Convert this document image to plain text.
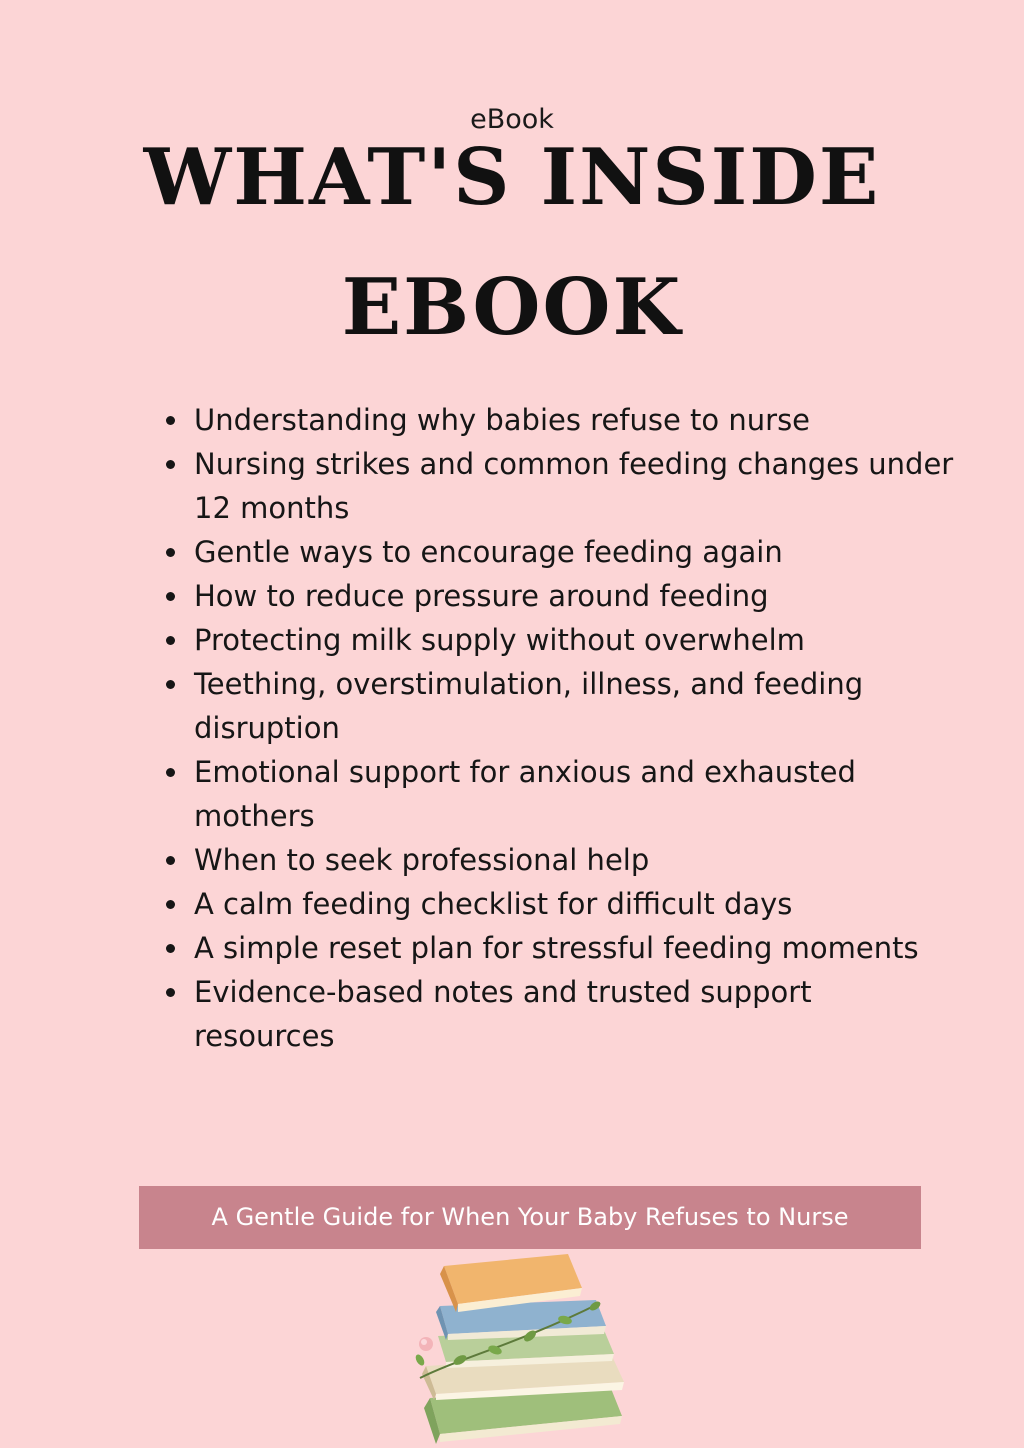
eBook
WHAT'S INSIDE
EBOOK
Understanding why babies refuse to nurse
Nursing strikes and common feeding changes under 12 months
Gentle ways to encourage feeding again
How to reduce pressure around feeding
Protecting milk supply without overwhelm
Teething, overstimulation, illness, and feeding disruption
Emotional support for anxious and exhausted mothers
When to seek professional help
A calm feeding checklist for difficult days
A simple reset plan for stressful feeding moments
Evidence-based notes and trusted support resources
A Gentle Guide for When Your Baby Refuses to Nurse
